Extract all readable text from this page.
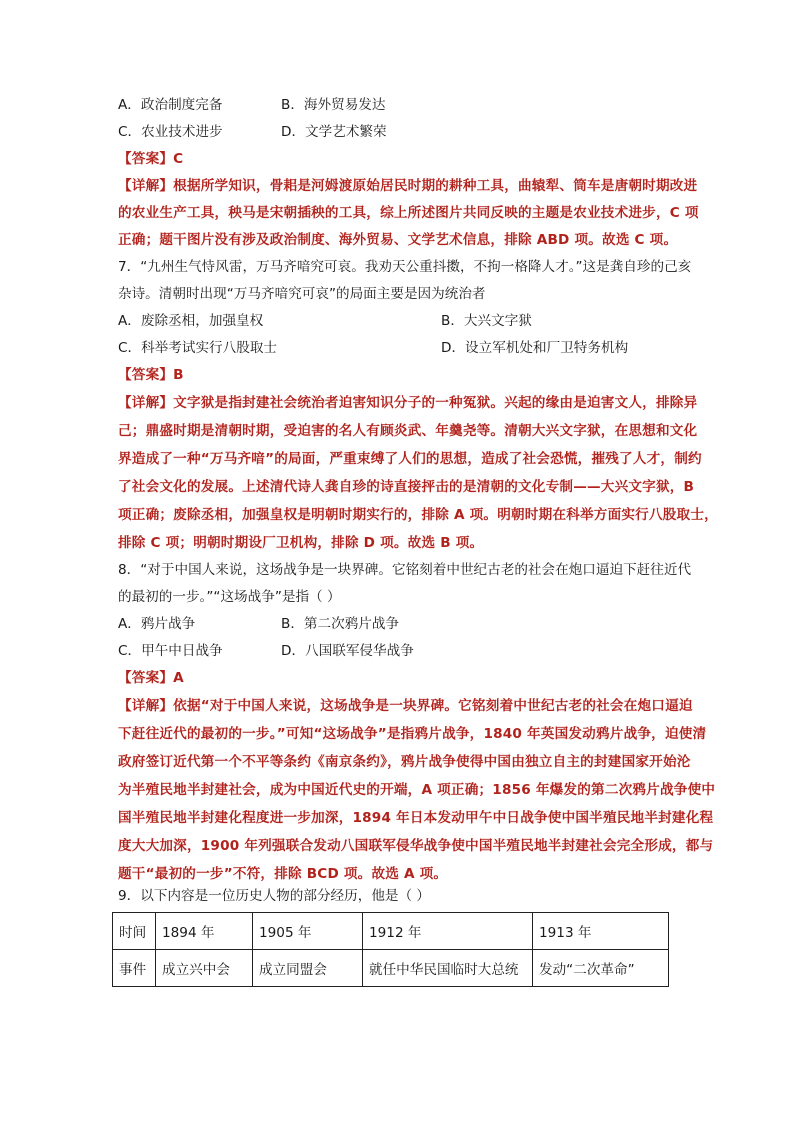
A．政治制度完备	B．海外贸易发达
C．农业技术进步	D．文学艺术繁荣
【答案】C
【详解】根据所学知识，骨耜是河姆渡原始居民时期的耕种工具，曲辕犁、筒车是唐朝时期改进
的农业生产工具，秧马是宋朝插秧的工具，综上所述图片共同反映的主题是农业技术进步，C 项
正确；题干图片没有涉及政治制度、海外贸易、文学艺术信息，排除 ABD 项。故选 C 项。
7．“九州生气恃风雷，万马齐喑究可哀。我劝天公重抖擞，不拘一格降人才。”这是龚自珍的己亥
杂诗。清朝时出现“万马齐喑究可哀”的局面主要是因为统治者
A．废除丞相，加强皇权	B．大兴文字狱
C．科举考试实行八股取士	D．设立军机处和厂卫特务机构
【答案】B
【详解】文字狱是指封建社会统治者迫害知识分子的一种冤狱。兴起的缘由是迫害文人，排除异
己；鼎盛时期是清朝时期，受迫害的名人有顾炎武、年羹尧等。清朝大兴文字狱，在思想和文化
界造成了一种“万马齐喑”的局面，严重束缚了人们的思想，造成了社会恐慌，摧残了人才，制约
了社会文化的发展。上述清代诗人龚自珍的诗直接抨击的是清朝的文化专制——大兴文字狱，B
项正确；废除丞相，加强皇权是明朝时期实行的，排除 A 项。明朝时期在科举方面实行八股取士，
排除 C 项；明朝时期设厂卫机构，排除 D 项。故选 B 项。
8．“对于中国人来说，这场战争是一块界碑。它铭刻着中世纪古老的社会在炮口逼迫下赶往近代
的最初的一步。”“这场战争”是指（ ）
A．鸦片战争	B．第二次鸦片战争
C．甲午中日战争	D．八国联军侵华战争
【答案】A
【详解】依据“对于中国人来说，这场战争是一块界碑。它铭刻着中世纪古老的社会在炮口逼迫
下赶往近代的最初的一步。”可知“这场战争”是指鸦片战争，1840 年英国发动鸦片战争，迫使清
政府签订近代第一个不平等条约《南京条约》，鸦片战争使得中国由独立自主的封建国家开始沦
为半殖民地半封建社会，成为中国近代史的开端，A 项正确；1856 年爆发的第二次鸦片战争使中
国半殖民地半封建化程度进一步加深，1894 年日本发动甲午中日战争使中国半殖民地半封建化程
度大大加深，1900 年列强联合发动八国联军侵华战争使中国半殖民地半封建社会完全形成，都与
题干“最初的一步”不符，排除 BCD 项。故选 A 项。
9．以下内容是一位历史人物的部分经历，他是（ ）
时间	1894 年	1905 年	1912 年	1913 年
事件	成立兴中会	成立同盟会	就任中华民国临时大总统	发动“二次革命”
